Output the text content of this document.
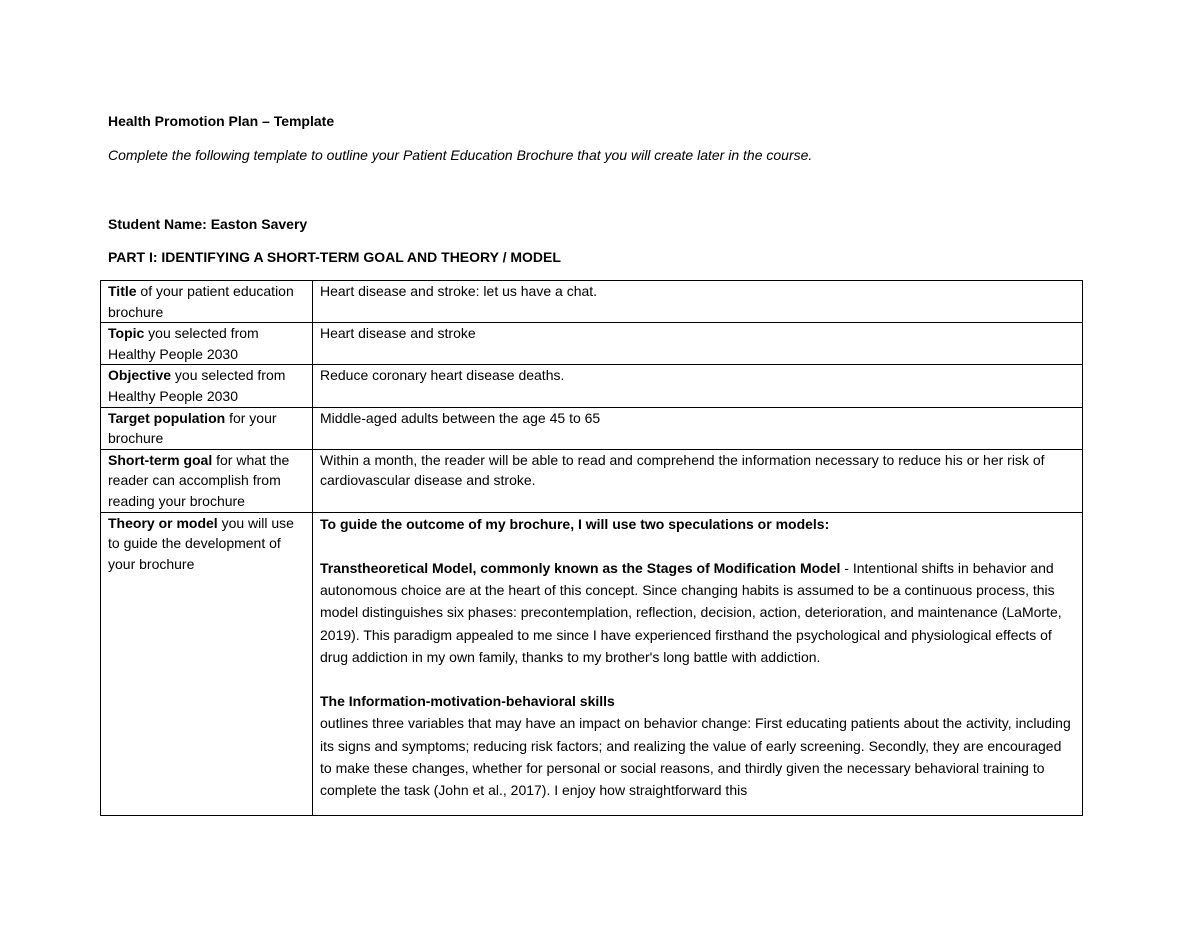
Health Promotion Plan – Template
Complete the following template to outline your Patient Education Brochure that you will create later in the course.
Student Name: Easton Savery
PART I: IDENTIFYING A SHORT-TERM GOAL AND THEORY / MODEL
Title of your patient education brochure	Heart disease and stroke: let us have a chat.
Topic you selected from Healthy People 2030	Heart disease and stroke
Objective you selected from Healthy People 2030	Reduce coronary heart disease deaths.
Target population for your brochure	Middle-aged adults between the age 45 to 65
Short-term goal for what the reader can accomplish from reading your brochure	Within a month, the reader will be able to read and comprehend the information necessary to reduce his or her risk of cardiovascular disease and stroke.
Theory or model you will use to guide the development of your brochure	To guide the outcome of my brochure, I will use two speculations or models:

Transtheoretical Model, commonly known as the Stages of Modification Model - Intentional shifts in behavior and autonomous choice are at the heart of this concept. Since changing habits is assumed to be a continuous process, this model distinguishes six phases: precontemplation, reflection, decision, action, deterioration, and maintenance (LaMorte, 2019). This paradigm appealed to me since I have experienced firsthand the psychological and physiological effects of drug addiction in my own family, thanks to my brother's long battle with addiction.

The Information-motivation-behavioral skills

outlines three variables that may have an impact on behavior change: First educating patients about the activity, including its signs and symptoms; reducing risk factors; and realizing the value of early screening. Secondly, they are encouraged to make these changes, whether for personal or social reasons, and thirdly given the necessary behavioral training to complete the task (John et al., 2017). I enjoy how straightforward this
